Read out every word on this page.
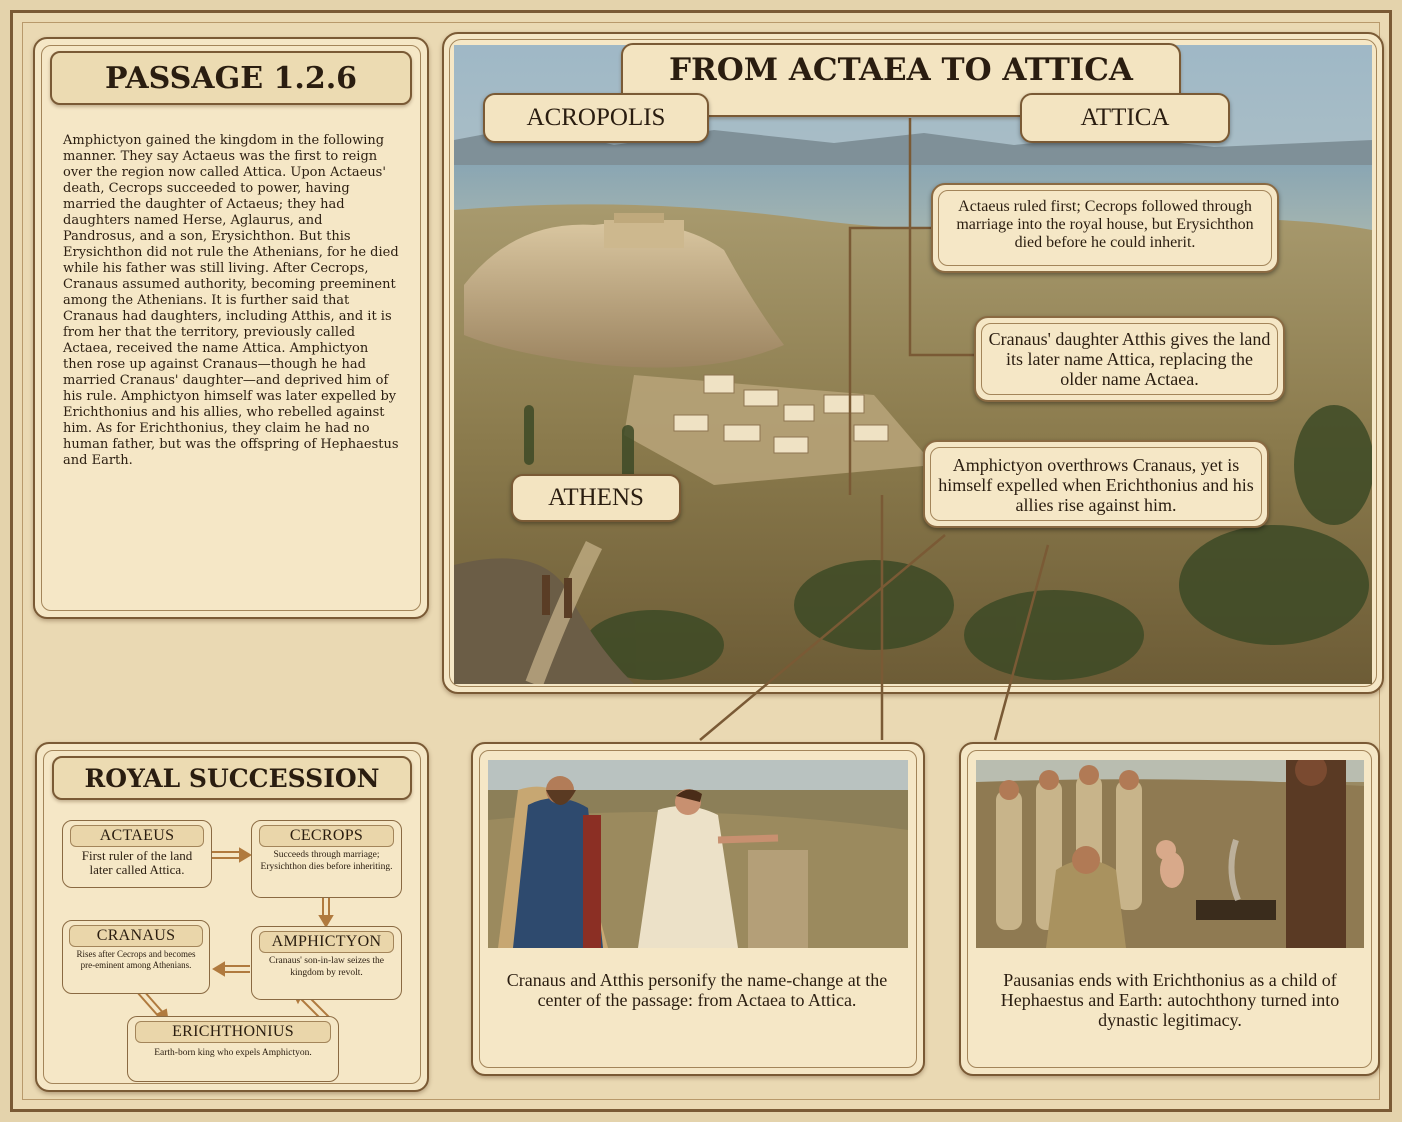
PASSAGE 1.2.6
Amphictyon gained the kingdom in the following manner. They say Actaeus was the first to reign over the region now called Attica. Upon Actaeus' death, Cecrops succeeded to power, having married the daughter of Actaeus; they had daughters named Herse, Aglaurus, and Pandrosus, and a son, Erysichthon. But this Erysichthon did not rule the Athenians, for he died while his father was still living. After Cecrops, Cranaus assumed authority, becoming preeminent among the Athenians. It is further said that Cranaus had daughters, including Atthis, and it is from her that the territory, previously called Actaea, received the name Attica. Amphictyon then rose up against Cranaus—though he had married Cranaus' daughter—and deprived him of his rule. Amphictyon himself was later expelled by Erichthonius and his allies, who rebelled against him. As for Erichthonius, they claim he had no human father, but was the offspring of Hephaestus and Earth.
FROM ACTAEA TO ATTICA
ACROPOLIS	ATTICA
ATHENS
Actaeus ruled first; Cecrops followed through marriage into the royal house, but Erysichthon died before he could inherit.
Cranaus' daughter Atthis gives the land its later name Attica, replacing the older name Actaea.
Amphictyon overthrows Cranaus, yet is himself expelled when Erichthonius and his allies rise against him.
ROYAL SUCCESSION
ACTAEUS
First ruler of the land later called Attica.
CECROPS
Succeeds through marriage; Erysichthon dies before inheriting.
CRANAUS
Rises after Cecrops and becomes pre-eminent among Athenians.
AMPHICTYON
Cranaus' son-in-law seizes the kingdom by revolt.
ERICHTHONIUS
Earth-born king who expels Amphictyon.
Cranaus and Atthis personify the name-change at the center of the passage: from Actaea to Attica.
Pausanias ends with Erichthonius as a child of Hephaestus and Earth: autochthony turned into dynastic legitimacy.
